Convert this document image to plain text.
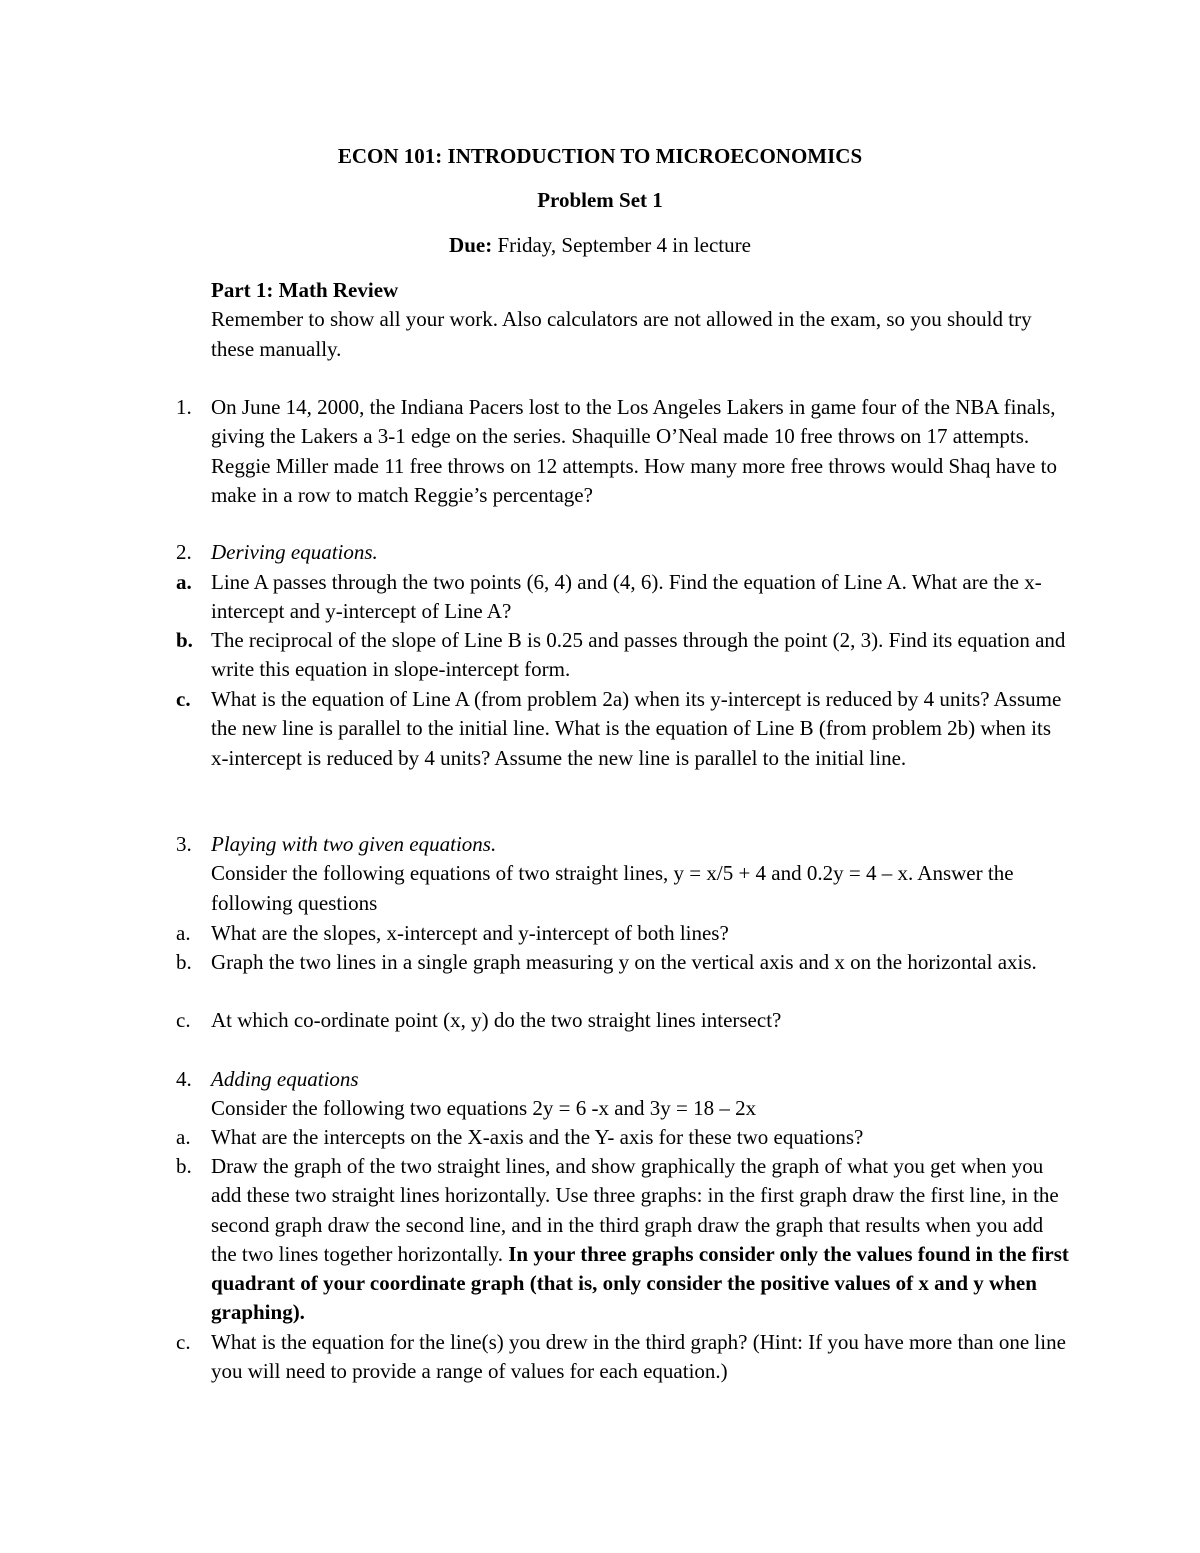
ECON 101: INTRODUCTION TO MICROECONOMICS
Problem Set 1
Due: Friday, September 4 in lecture
Part 1: Math Review
Remember to show all your work. Also calculators are not allowed in the exam, so you should try these manually.
1. On June 14, 2000, the Indiana Pacers lost to the Los Angeles Lakers in game four of the NBA finals, giving the Lakers a 3-1 edge on the series. Shaquille O’Neal made 10 free throws on 17 attempts. Reggie Miller made 11 free throws on 12 attempts. How many more free throws would Shaq have to make in a row to match Reggie’s percentage?
2. Deriving equations.
a. Line A passes through the two points (6, 4) and (4, 6). Find the equation of Line A. What are the x-intercept and y-intercept of Line A?
b. The reciprocal of the slope of Line B is 0.25 and passes through the point (2, 3). Find its equation and write this equation in slope-intercept form.
c. What is the equation of Line A (from problem 2a) when its y-intercept is reduced by 4 units? Assume the new line is parallel to the initial line. What is the equation of Line B (from problem 2b) when its x-intercept is reduced by 4 units? Assume the new line is parallel to the initial line.
3. Playing with two given equations.
Consider the following equations of two straight lines, y = x/5 + 4 and 0.2y = 4 – x. Answer the following questions
a. What are the slopes, x-intercept and y-intercept of both lines?
b. Graph the two lines in a single graph measuring y on the vertical axis and x on the horizontal axis.
c. At which co-ordinate point (x, y) do the two straight lines intersect?
4. Adding equations
Consider the following two equations 2y = 6 -x and 3y = 18 – 2x
a. What are the intercepts on the X-axis and the Y- axis for these two equations?
b. Draw the graph of the two straight lines, and show graphically the graph of what you get when you add these two straight lines horizontally. Use three graphs: in the first graph draw the first line, in the second graph draw the second line, and in the third graph draw the graph that results when you add the two lines together horizontally. In your three graphs consider only the values found in the first quadrant of your coordinate graph (that is, only consider the positive values of x and y when graphing).
c. What is the equation for the line(s) you drew in the third graph? (Hint: If you have more than one line you will need to provide a range of values for each equation.)
